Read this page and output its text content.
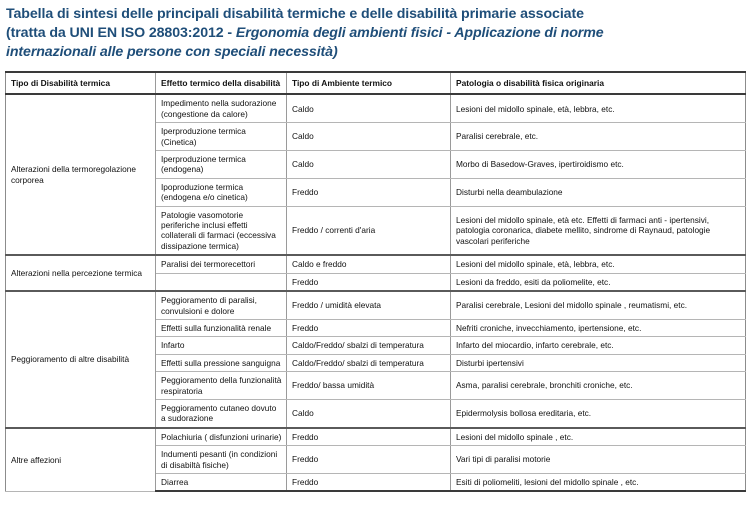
Tabella di sintesi delle principali disabilità termiche e delle disabilità primarie associate
(tratta da UNI EN ISO 28803:2012 - Ergonomia degli ambienti fisici - Applicazione di norme
internazionali alle persone con speciali necessità)
Tipo di Disabilità termica	Effetto termico della disabilità	Tipo di Ambiente termico	Patologia o disabilità fisica originaria
Alterazioni della termoregolazione corporea	Impedimento nella sudorazione (congestione da calore)	Caldo	Lesioni del midollo spinale, età, lebbra, etc.
	Iperproduzione termica (Cinetica)	Caldo	Paralisi cerebrale, etc.
	Iperproduzione termica (endogena)	Caldo	Morbo di Basedow-Graves, ipertiroidismo etc.
	Ipoproduzione termica (endogena e/o cinetica)	Freddo	Disturbi nella deambulazione
	Patologie vasomotorie periferiche inclusi effetti collaterali di farmaci (eccessiva dissipazione termica)	Freddo / correnti d'aria	Lesioni del midollo spinale, età etc. Effetti di farmaci anti - ipertensivi, patologia coronarica, diabete mellito, sindrome di Raynaud, patologie vascolari periferiche
Alterazioni nella percezione termica	Paralisi dei termorecettori	Caldo e freddo	Lesioni del midollo spinale, età, lebbra, etc.
		Freddo	Lesioni da freddo, esiti da poliomelite, etc.
Peggioramento di altre disabilità	Peggioramento di paralisi, convulsioni e dolore	Freddo / umidità elevata	Paralisi cerebrale, Lesioni del midollo spinale , reumatismi, etc.
	Effetti sulla funzionalità renale	Freddo	Nefriti croniche, invecchiamento, ipertensione, etc.
	Infarto	Caldo/Freddo/ sbalzi di temperatura	Infarto del miocardio, infarto cerebrale, etc.
	Effetti sulla pressione sanguigna	Caldo/Freddo/ sbalzi di temperatura	Disturbi ipertensivi
	Peggioramento della funzionalità respiratoria	Freddo/ bassa umidità	Asma, paralisi cerebrale, bronchiti croniche, etc.
	Peggioramento cutaneo dovuto a sudorazione	Caldo	Epidermolysis bollosa ereditaria, etc.
Altre affezioni	Polachiuria ( disfunzioni urinarie)	Freddo	Lesioni del midollo spinale , etc.
	Indumenti pesanti (in condizioni di disabiltà fisiche)	Freddo	Vari tipi di paralisi motorie
	Diarrea	Freddo	Esiti di poliomeliti, lesioni del midollo spinale , etc.
